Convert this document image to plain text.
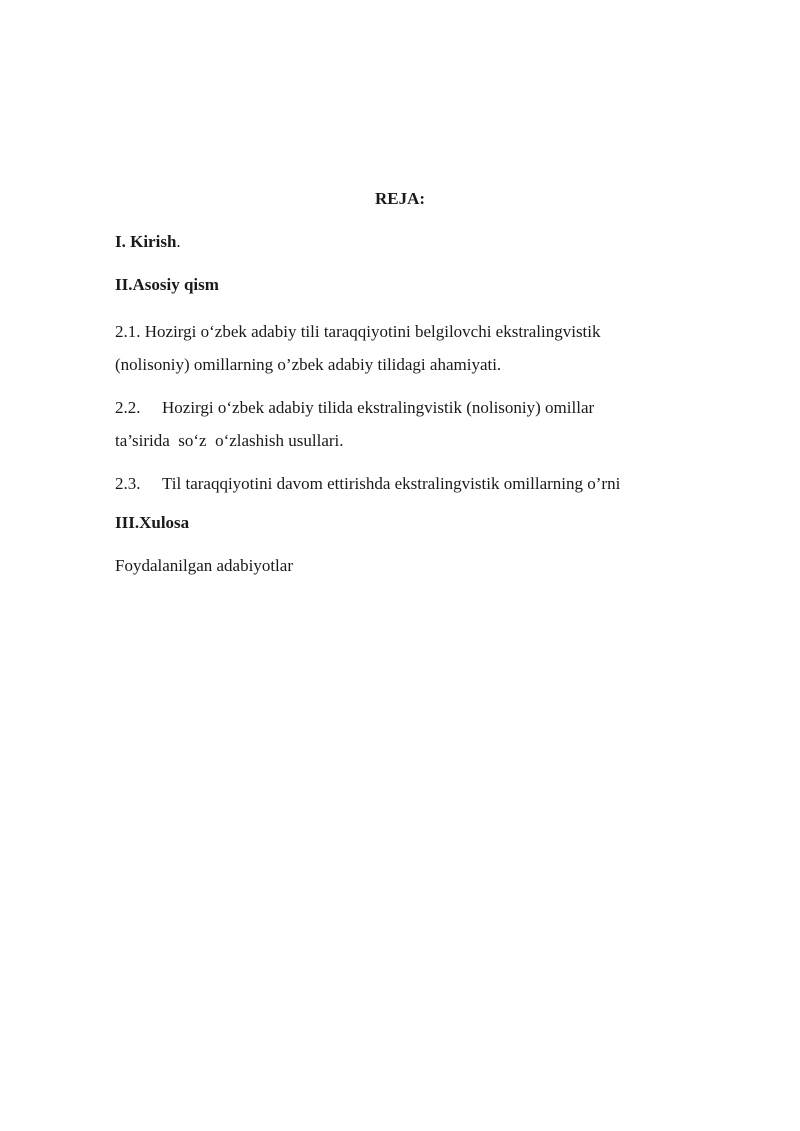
REJA:
I. Kirish.
II.Asosiy qism
2.1. Hozirgi o‘zbek adabiy tili taraqqiyotini belgilovchi ekstralingvistik
(nolisoniy) omillarning o’zbek adabiy tilidagi ahamiyati.
2.2. Hozirgi o‘zbek adabiy tilida ekstralingvistik (nolisoniy) omillar
ta’sirida  so‘z  o‘zlashish usullari.
2.3. Til taraqqiyotini davom ettirishda ekstralingvistik omillarning o’rni
III.Xulosa
Foydalanilgan adabiyotlar
